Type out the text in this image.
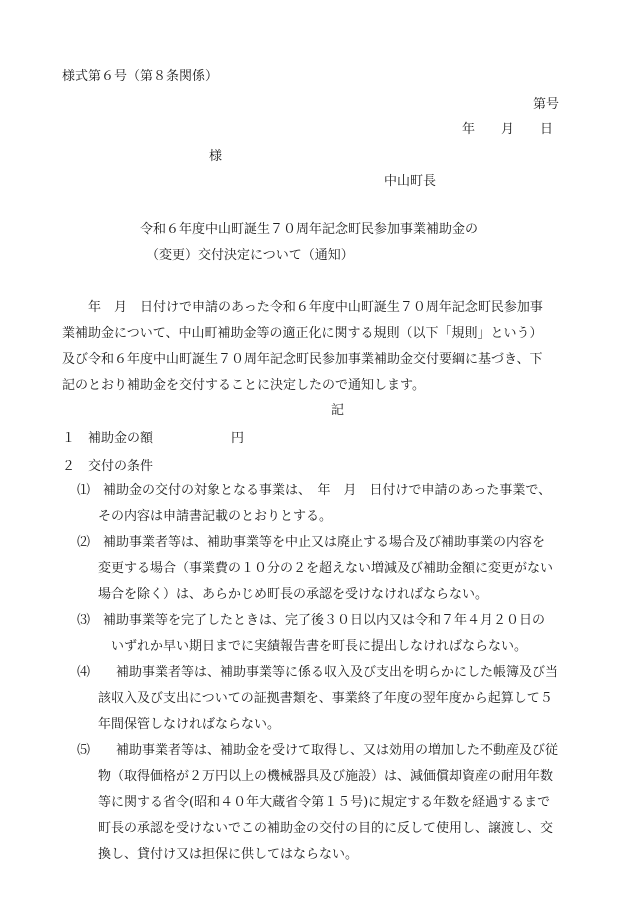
様式第６号（第８条関係）
第号
年　　月　　日
様
中山町長
令和６年度中山町誕生７０周年記念町民参加事業補助金の
（変更）交付決定について（通知）
　　年　月　日付けで申請のあった令和６年度中山町誕生７０周年記念町民参加事
業補助金について、中山町補助金等の適正化に関する規則（以下「規則」という）
及び令和６年度中山町誕生７０周年記念町民参加事業補助金交付要綱に基づき、下
記のとおり補助金を交付することに決定したので通知します。
記
１　補助金の額	円
２　交付の条件
⑴　補助金の交付の対象となる事業は、　年　月　日付けで申請のあった事業で、
その内容は申請書記載のとおりとする。
⑵　補助事業者等は、補助事業等を中止又は廃止する場合及び補助事業の内容を
変更する場合（事業費の１０分の２を超えない増減及び補助金額に変更がない
場合を除く）は、あらかじめ町長の承認を受けなければならない。
⑶　補助事業等を完了したときは、完了後３０日以内又は令和７年４月２０日の
　いずれか早い期日までに実績報告書を町長に提出しなければならない。
⑷　　補助事業者等は、補助事業等に係る収入及び支出を明らかにした帳簿及び当
該収入及び支出についての証拠書類を、事業終了年度の翌年度から起算して５
年間保管しなければならない。
⑸　　補助事業者等は、補助金を受けて取得し、又は効用の増加した不動産及び従
物（取得価格が２万円以上の機械器具及び施設）は、減価償却資産の耐用年数
等に関する省令(昭和４０年大蔵省令第１５号)に規定する年数を経過するまで
町長の承認を受けないでこの補助金の交付の目的に反して使用し、譲渡し、交
換し、貸付け又は担保に供してはならない。
